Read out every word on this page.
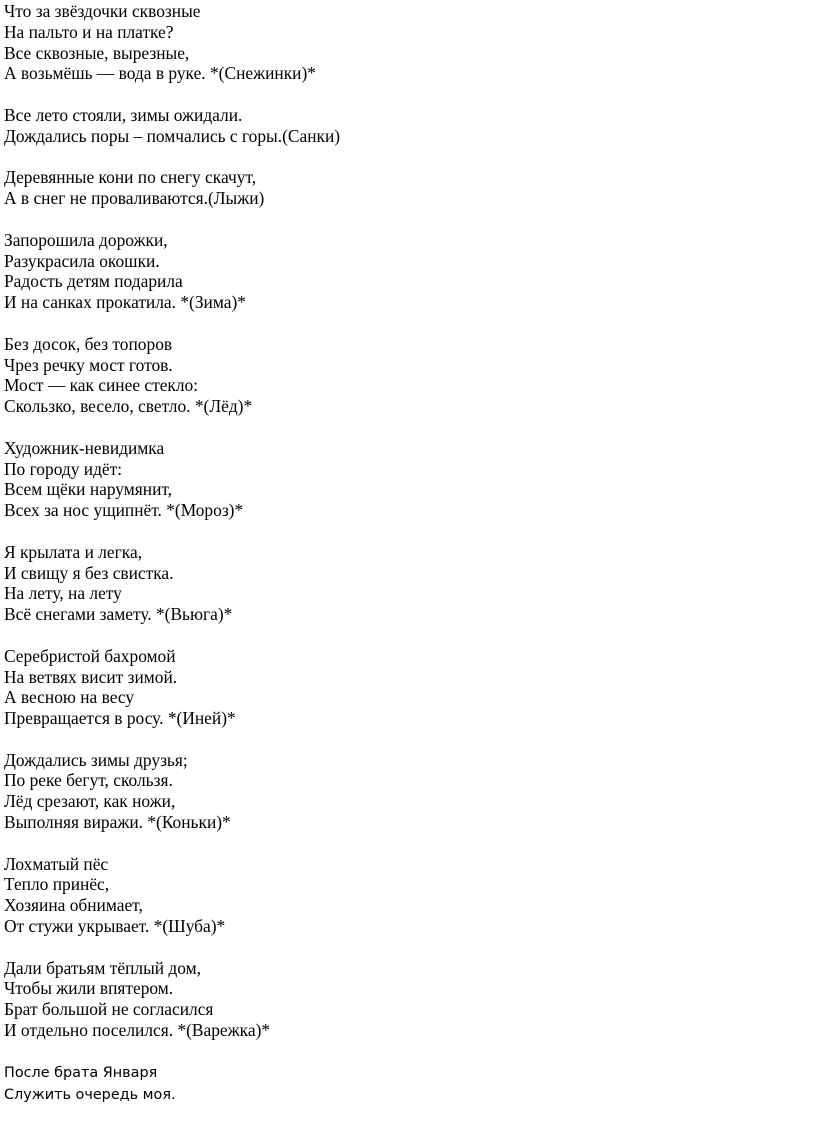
Что за звёздочки сквозные
На пальто и на платке?
Все сквозные, вырезные,
А возьмёшь — вода в руке. *(Снежинки)*
Все лето стояли, зимы ожидали.
Дождались поры – помчались с горы.(Санки)
Деревянные кони по снегу скачут,
А в снег не проваливаются.(Лыжи)
Запорошила дорожки,
Разукрасила окошки.
Радость детям подарила
И на санках прокатила. *(Зима)*
Без досок, без топоров
Чрез речку мост готов.
Мост — как синее стекло:
Скользко, весело, светло. *(Лёд)*
Художник-невидимка
По городу идёт:
Всем щёки нарумянит,
Всех за нос ущипнёт. *(Мороз)*
Я крылата и легка,
И свищу я без свистка.
На лету, на лету
Всё снегами замету. *(Вьюга)*
Серебристой бахромой
На ветвях висит зимой.
А весною на весу
Превращается в росу. *(Иней)*
Дождались зимы друзья;
По реке бегут, скользя.
Лёд срезают, как ножи,
Выполняя виражи. *(Коньки)*
Лохматый пёс
Тепло принёс,
Хозяина обнимает,
От стужи укрывает. *(Шуба)*
Дали братьям тёплый дом,
Чтобы жили впятером.
Брат большой не согласился
И отдельно поселился. *(Варежка)*
После брата Января
Служить очередь моя.
